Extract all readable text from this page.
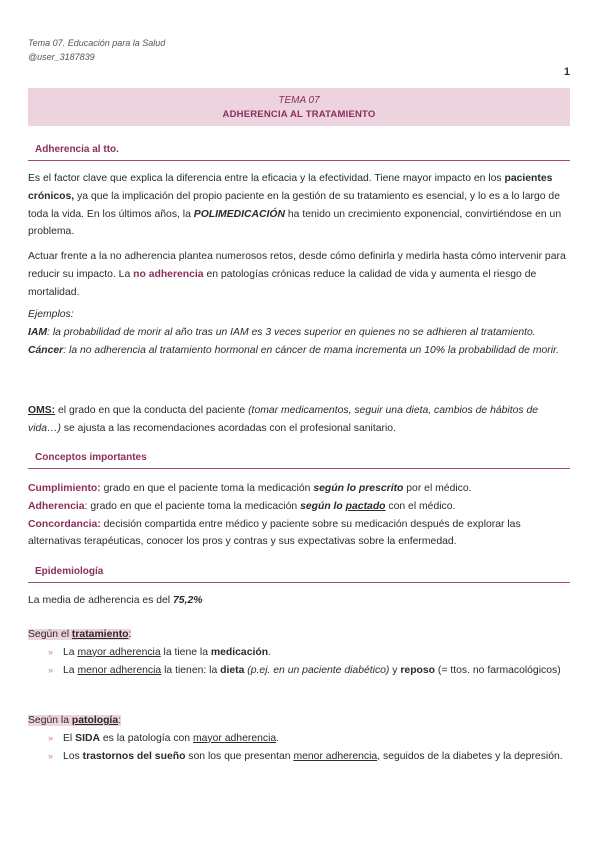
Tema 07. Educación para la Salud
@user_3187839
1
TEMA 07
ADHERENCIA AL TRATAMIENTO
Adherencia al tto.

Es el factor clave que explica la diferencia entre la eficacia y la efectividad. Tiene mayor impacto en los pacientes crónicos, ya que la implicación del propio paciente en la gestión de su tratamiento es esencial, y lo es a lo largo de toda la vida. En los últimos años, la POLIMEDICACIÓN ha tenido un crecimiento exponencial, convirtiéndose en un problema.

Actuar frente a la no adherencia plantea numerosos retos, desde cómo definirla y medirla hasta cómo intervenir para reducir su impacto. La no adherencia en patologías crónicas reduce la calidad de vida y aumenta el riesgo de mortalidad.

Ejemplos:

IAM: la probabilidad de morir al año tras un IAM es 3 veces superior en quienes no se adhieren al tratamiento.

Cáncer: la no adherencia al tratamiento hormonal en cáncer de mama incrementa un 10% la probabilidad de morir.

OMS: el grado en que la conducta del paciente (tomar medicamentos, seguir una dieta, cambios de hábitos de vida…) se ajusta a las recomendaciones acordadas con el profesional sanitario.

Conceptos importantes

Cumplimiento: grado en que el paciente toma la medicación según lo prescrito por el médico.

Adherencia: grado en que el paciente toma la medicación según lo pactado con el médico.

Concordancia: decisión compartida entre médico y paciente sobre su medicación después de explorar las alternativas terapéuticas, conocer los pros y contras y sus expectativas sobre la enfermedad.

Epidemiología

La media de adherencia es del 75,2%

Según el tratamiento:

» La mayor adherencia la tiene la medicación.
» La menor adherencia la tienen: la dieta (p.ej. en un paciente diabético) y reposo (= ttos. no farmacológicos)

Según la patología:

» El SIDA es la patología con mayor adherencia.
» Los trastornos del sueño son los que presentan menor adherencia, seguidos de la diabetes y la depresión.
